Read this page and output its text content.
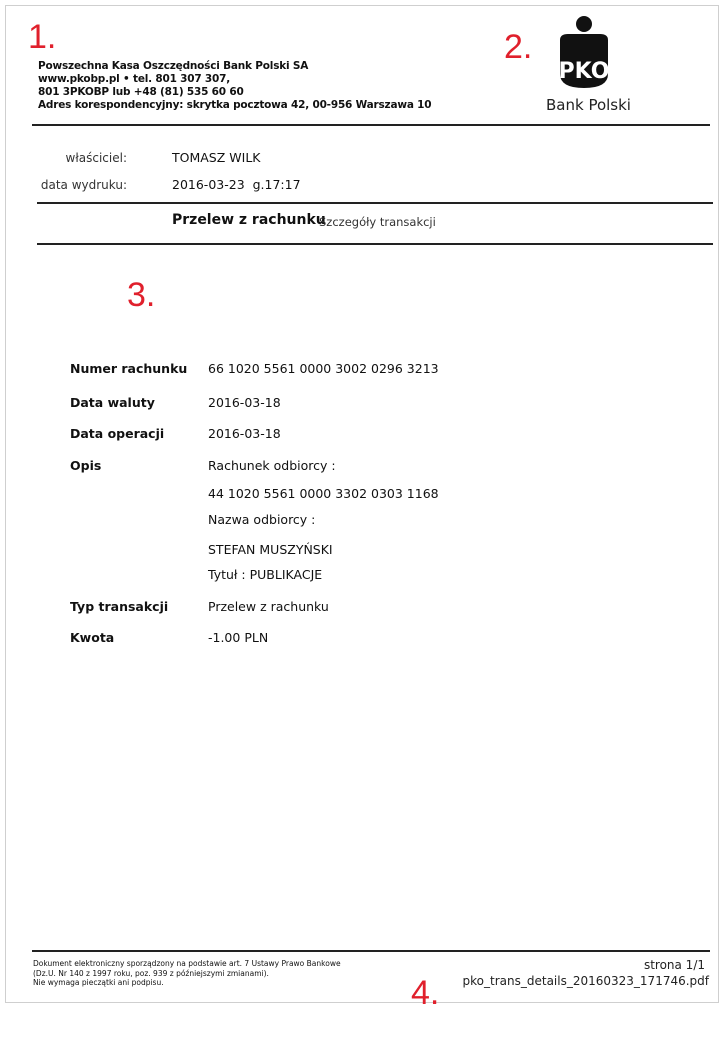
1.	2.
3.
4.
Powszechna Kasa Oszczędności Bank Polski SA
www.pkobp.pl • tel. 801 307 307,
801 3PKOBP lub +48 (81) 535 60 60
Adres korespondencyjny: skrytka pocztowa 42, 00-956 Warszawa 10
PKO
Bank Polski
właściciel:	TOMASZ WILK
data wydruku:	2016-03-23  g.17:17
Przelew z rachunku
Szczegóły transakcji
Numer rachunku 66 1020 5561 0000 3002 0296 3213
Data waluty	2016-03-18
Data operacji	2016-03-18
Opis	Rachunek odbiorcy :
44 1020 5561 0000 3302 0303 1168
Nazwa odbiorcy :
STEFAN MUSZYŃSKI
Tytuł : PUBLIKACJE
Typ transakcji	Przelew z rachunku
Kwota	-1.00 PLN
Dokument elektroniczny sporządzony na podstawie art. 7 Ustawy Prawo Bankowe
(Dz.U. Nr 140 z 1997 roku, poz. 939 z późniejszymi zmianami).
Nie wymaga pieczątki ani podpisu.
strona 1/1
pko_trans_details_20160323_171746.pdf
